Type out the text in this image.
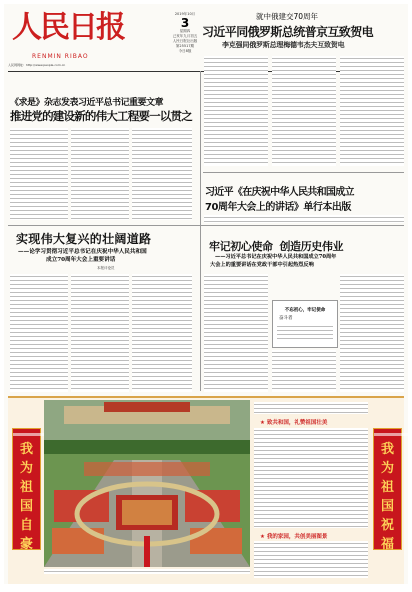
人民日报
RENMIN RIBAO
人民网网址：http://www.people.com.cn
2019年10月
3
星期四
己亥年九月初五
人民日报社出版
第25517期
今日8版
就中俄建交70周年
习近平同俄罗斯总统普京互致贺电
李克强同俄罗斯总理梅德韦杰夫互致贺电
《求是》杂志发表习近平总书记重要文章
推进党的建设新的伟大工程要一以贯之
习近平《在庆祝中华人民共和国成立
70周年大会上的讲话》单行本出版
实现伟大复兴的壮阔道路
——论学习贯彻习近平总书记在庆祝中华人民共和国
成立70周年大会上重要讲话
本报评论员
牢记初心使命  创造历史伟业
——习近平总书记在庆祝中华人民共和国成立70周年
大会上的重要讲话在党政干部中引起热烈反响
不忘初心，牢记使命
奋斗者
我
为
祖
国
自
豪
我
为
祖
国
祝
福
★ 致共和国，礼赞祖国壮美
★ 我的家园，共创美丽图景
